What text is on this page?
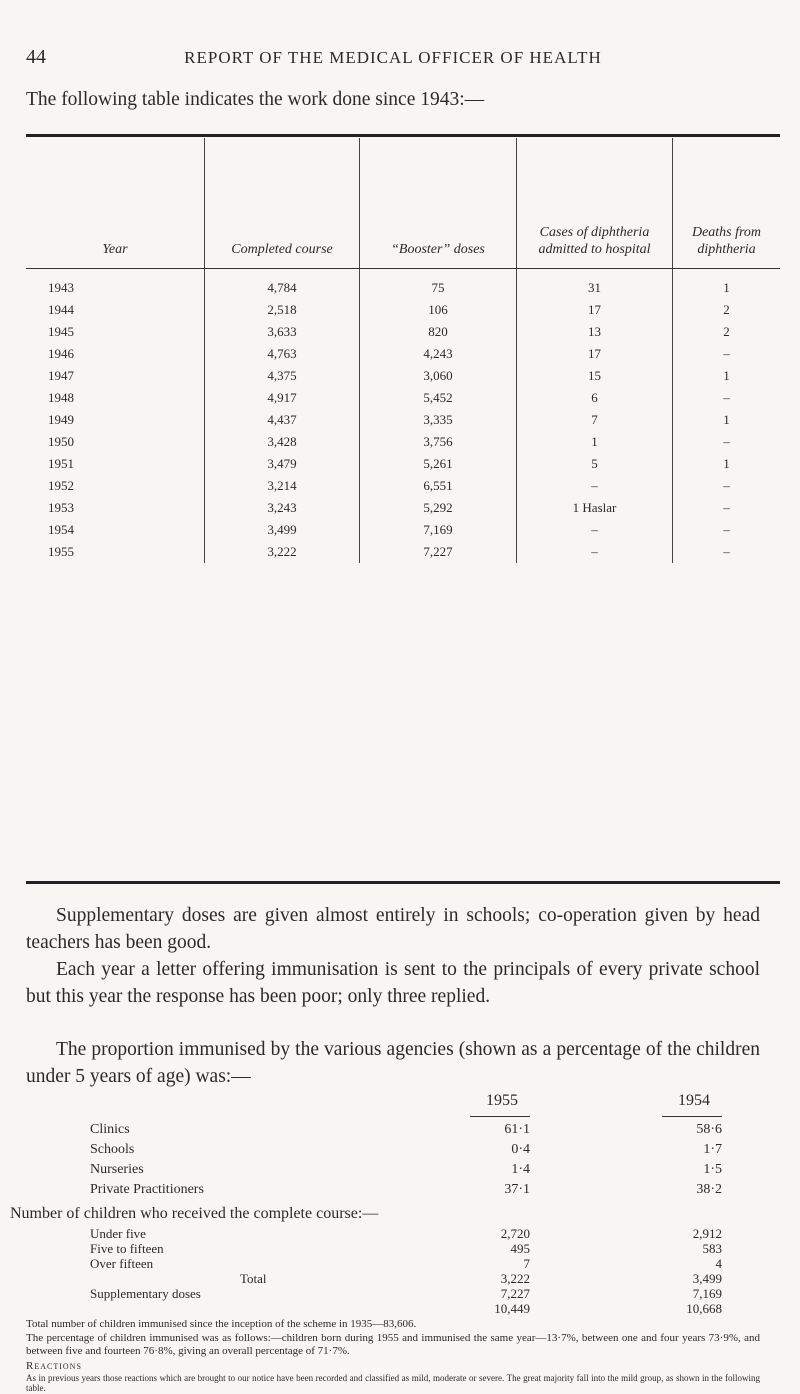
44	REPORT OF THE MEDICAL OFFICER OF HEALTH
The following table indicates the work done since 1943:—
Year	Completed course	“Booster” doses	Cases of diphtheria admitted to hospital	Deaths from diphtheria
1943	4,784	75	31	1
1944	2,518	106	17	2
1945	3,633	820	13	2
1946	4,763	4,243	17	–
1947	4,375	3,060	15	1
1948	4,917	5,452	6	–
1949	4,437	3,335	7	1
1950	3,428	3,756	1	–
1951	3,479	5,261	5	1
1952	3,214	6,551	–	–
1953	3,243	5,292	1 Haslar	–
1954	3,499	7,169	–	–
1955	3,222	7,227	–	–
Supplementary doses are given almost entirely in schools; co-operation given by head teachers has been good.
Each year a letter offering immunisation is sent to the principals of every private school but this year the response has been poor; only three replied.
The proportion immunised by the various agencies (shown as a percentage of the children under 5 years of age) was:—
1955	1954
Clinics	61·1	58·6
Schools	0·4	1·7
Nurseries	1·4	1·5
Private Practitioners	37·1	38·2
Number of children who received the complete course:—
Under five	2,720	2,912
Five to fifteen	495	583
Over fifteen	7	4
Total	3,222	3,499
Supplementary doses	7,227	7,169
10,449	10,668
Total number of children immunised since the inception of the scheme in 1935—83,606.
The percentage of children immunised was as follows:—children born during 1955 and immunised the same year—13·7%, between one and four years 73·9%, and between five and fourteen 76·8%, giving an overall percentage of 71·7%.
Reactions
As in previous years those reactions which are brought to our notice have been recorded and classified as mild, moderate or severe. The great majority fall into the mild group, as shown in the following table.
